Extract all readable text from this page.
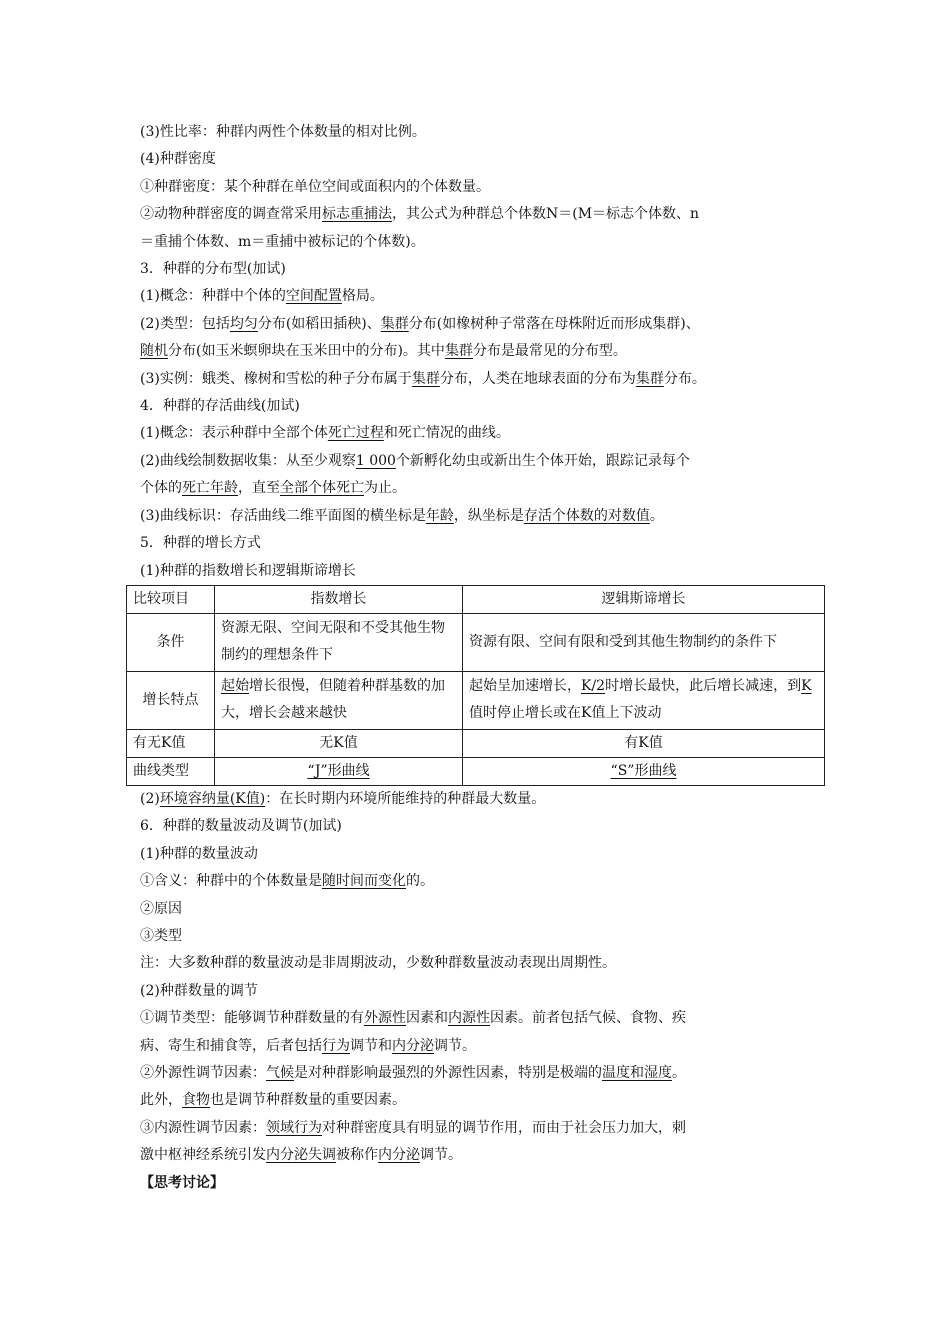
(3)性比率：种群内两性个体数量的相对比例。
(4)种群密度
①种群密度：某个种群在单位空间或面积内的个体数量。
②动物种群密度的调查常采用标志重捕法，其公式为种群总个体数N＝(M＝标志个体数、n
＝重捕个体数、m＝重捕中被标记的个体数)。
3．种群的分布型(加试)
(1)概念：种群中个体的空间配置格局。
(2)类型：包括均匀分布(如稻田插秧)、集群分布(如橡树种子常落在母株附近而形成集群)、
随机分布(如玉米螟卵块在玉米田中的分布)。其中集群分布是最常见的分布型。
(3)实例：蛾类、橡树和雪松的种子分布属于集群分布，人类在地球表面的分布为集群分布。
4．种群的存活曲线(加试)
(1)概念：表示种群中全部个体死亡过程和死亡情况的曲线。
(2)曲线绘制数据收集：从至少观察1 000个新孵化幼虫或新出生个体开始，跟踪记录每个
个体的死亡年龄，直至全部个体死亡为止。
(3)曲线标识：存活曲线二维平面图的横坐标是年龄，纵坐标是存活个体数的对数值。
5．种群的增长方式
(1)种群的指数增长和逻辑斯谛增长
比较项目	指数增长	逻辑斯谛增长
条件	资源无限、空间无限和不受其他生物制约的理想条件下	资源有限、空间有限和受到其他生物制约的条件下
增长特点	起始增长很慢，但随着种群基数的加大，增长会越来越快	起始呈加速增长，K/2时增长最快，此后增长减速，到K值时停止增长或在K值上下波动
有无K值	无K值	有K值
曲线类型	“J”形曲线	“S”形曲线
(2)环境容纳量(K值)：在长时期内环境所能维持的种群最大数量。
6．种群的数量波动及调节(加试)
(1)种群的数量波动
①含义：种群中的个体数量是随时间而变化的。
②原因
③类型
注：大多数种群的数量波动是非周期波动，少数种群数量波动表现出周期性。
(2)种群数量的调节
①调节类型：能够调节种群数量的有外源性因素和内源性因素。前者包括气候、食物、疾
病、寄生和捕食等，后者包括行为调节和内分泌调节。
②外源性调节因素：气候是对种群影响最强烈的外源性因素，特别是极端的温度和湿度。
此外，食物也是调节种群数量的重要因素。
③内源性调节因素：领域行为对种群密度具有明显的调节作用，而由于社会压力加大，刺
激中枢神经系统引发内分泌失调被称作内分泌调节。
【思考讨论】
